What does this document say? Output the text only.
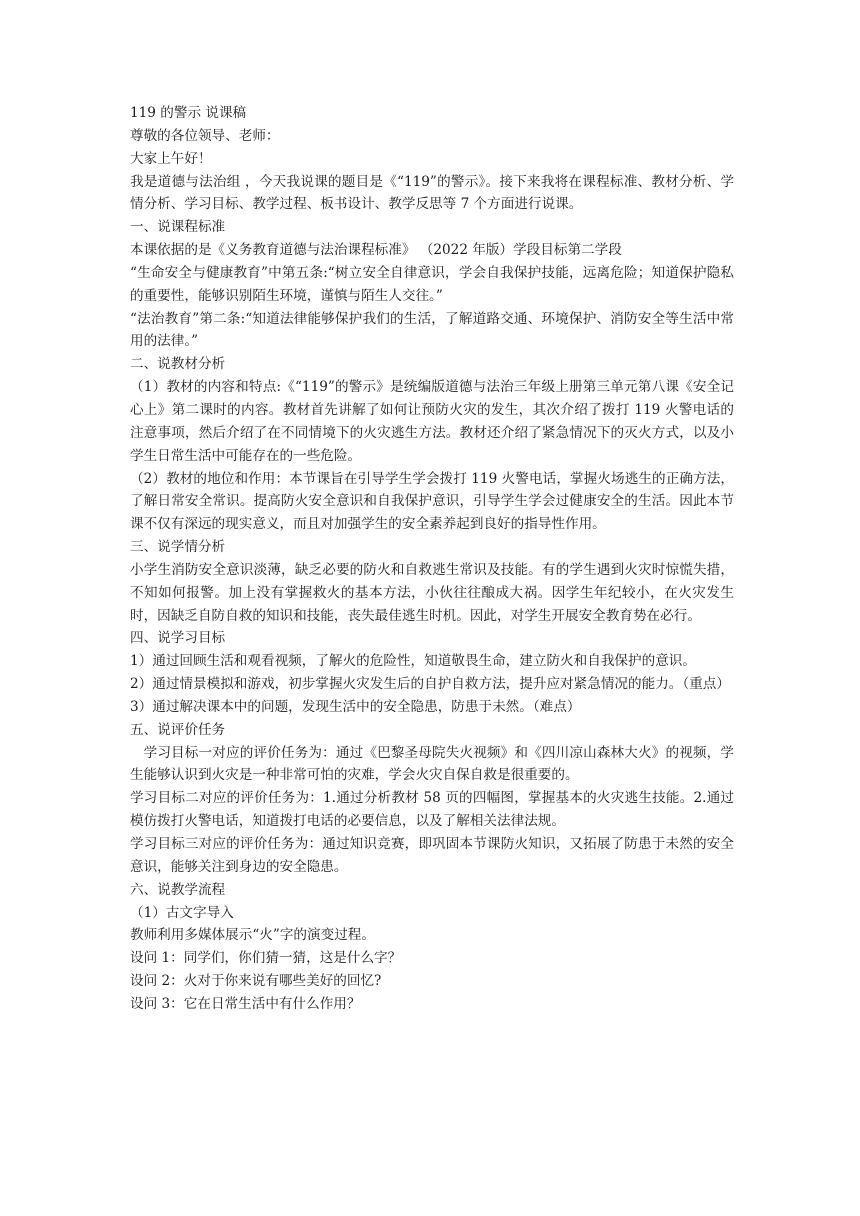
119 的警示 说课稿

尊敬的各位领导、老师：

大家上午好！

我是道德与法治组 ，今天我说课的题目是《“119”的警示》。接下来我将在课程标准、教材分析、学情分析、学习目标、教学过程、板书设计、教学反思等 7 个方面进行说课。

一、说课程标准

本课依据的是《义务教育道德与法治课程标准》 （2022 年版）学段目标第二学段

“生命安全与健康教育”中第五条:“树立安全自律意识，学会自我保护技能，远离危险；知道保护隐私的重要性，能够识别陌生环境，谨慎与陌生人交往。”

“法治教育”第二条:“知道法律能够保护我们的生活，了解道路交通、环境保护、消防安全等生活中常用的法律。”

二、说教材分析

（1）教材的内容和特点:《“119”的警示》是统编版道德与法治三年级上册第三单元第八课《安全记心上》第二课时的内容。教材首先讲解了如何让预防火灾的发生，其次介绍了拨打 119 火警电话的注意事项，然后介绍了在不同情境下的火灾逃生方法。教材还介绍了紧急情况下的灭火方式，以及小学生日常生活中可能存在的一些危险。

（2）教材的地位和作用：本节课旨在引导学生学会拨打 119 火警电话，掌握火场逃生的正确方法，了解日常安全常识。提高防火安全意识和自我保护意识，引导学生学会过健康安全的生活。因此本节课不仅有深远的现实意义，而且对加强学生的安全素养起到良好的指导性作用。

三、说学情分析

小学生消防安全意识淡薄，缺乏必要的防火和自救逃生常识及技能。有的学生遇到火灾时惊慌失措，不知如何报警。加上没有掌握救火的基本方法，小伙往往酿成大祸。因学生年纪较小，在火灾发生时，因缺乏自防自救的知识和技能，丧失最佳逃生时机。因此，对学生开展安全教育势在必行。

四、说学习目标

1）通过回顾生活和观看视频，了解火的危险性，知道敬畏生命，建立防火和自我保护的意识。

2）通过情景模拟和游戏，初步掌握火灾发生后的自护自救方法，提升应对紧急情况的能力。（重点）

3）通过解决课本中的问题，发现生活中的安全隐患，防患于未然。（难点）

五、说评价任务

学习目标一对应的评价任务为：通过《巴黎圣母院失火视频》和《四川凉山森林大火》的视频，学生能够认识到火灾是一种非常可怕的灾难，学会火灾自保自救是很重要的。

学习目标二对应的评价任务为：1.通过分析教材 58 页的四幅图，掌握基本的火灾逃生技能。2.通过模仿拨打火警电话，知道拨打电话的必要信息，以及了解相关法律法规。

学习目标三对应的评价任务为：通过知识竞赛，即巩固本节课防火知识，又拓展了防患于未然的安全意识，能够关注到身边的安全隐患。

六、说教学流程

（1）古文字导入

教师利用多媒体展示“火”字的演变过程。

设问 1：同学们，你们猜一猜，这是什么字？

设问 2：火对于你来说有哪些美好的回忆?

设问 3：它在日常生活中有什么作用？
